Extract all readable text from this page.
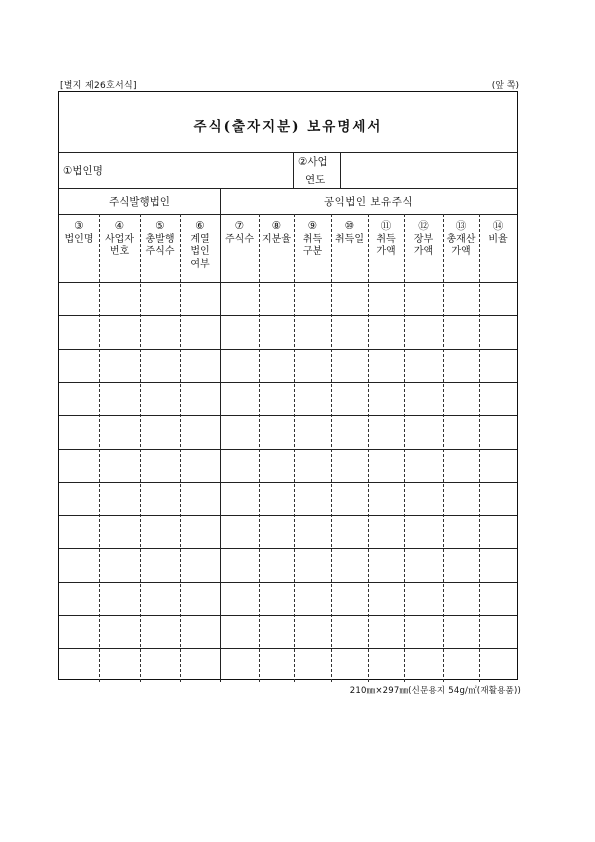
[별지 제26호서식]	(앞 쪽)
주식(출자지분) 보유명세서
①법인명
②사업
연도
주식발행법인	공익법인 보유주식
③
법인명
④
사업자
번호
⑤
총발행
주식수
⑥
계열
법인
여부
⑦
주식수
⑧
지분율
⑨
취득
구분
⑩
취득일
⑪
취득
가액
⑫
장부
가액
⑬
총재산
가액
⑭
비율
210㎜×297㎜(신문용지 54g/㎡(재활용품))
